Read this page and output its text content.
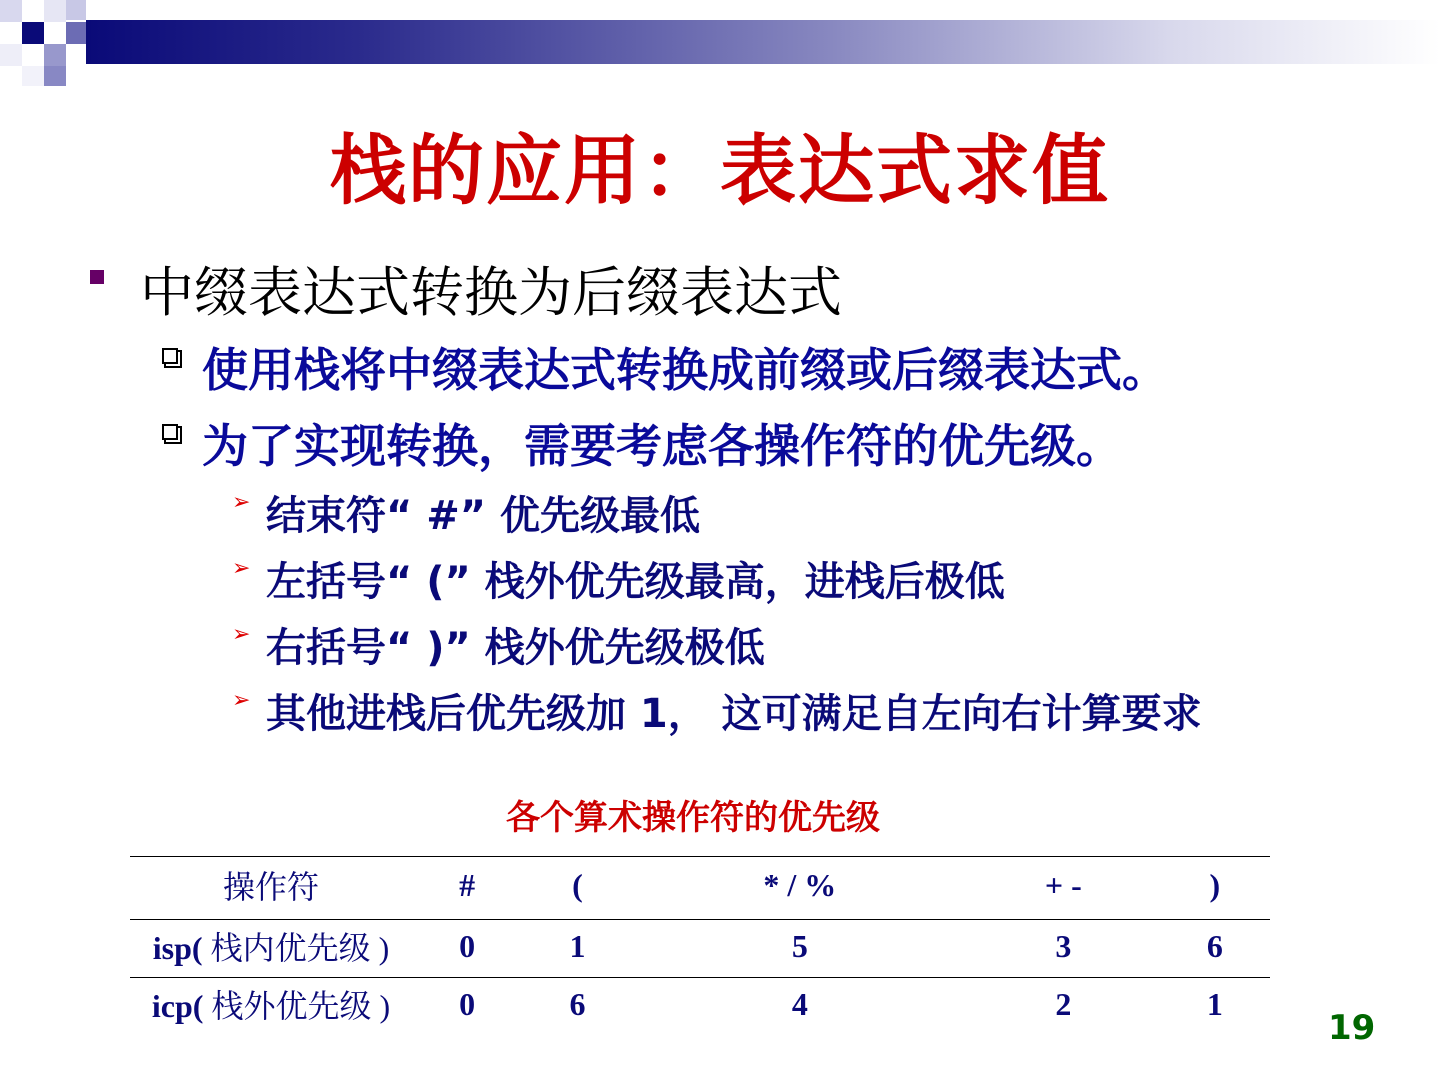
栈的应用：表达式求值
中缀表达式转换为后缀表达式
使用栈将中缀表达式转换成前缀或后缀表达式。
为了实现转换，需要考虑各操作符的优先级。
➢ 结束符“ #” 优先级最低
➢ 左括号“ (” 栈外优先级最高，进栈后极低
➢ 右括号“ )” 栈外优先级极低
➢ 其他进栈后优先级加 1， 这可满足自左向右计算要求
各个算术操作符的优先级
操作符	#	(	* / %	+ -	)
isp( 栈内优先级 )	0	1	5	3	6
icp( 栈外优先级 )	0	6	4	2	1
19
